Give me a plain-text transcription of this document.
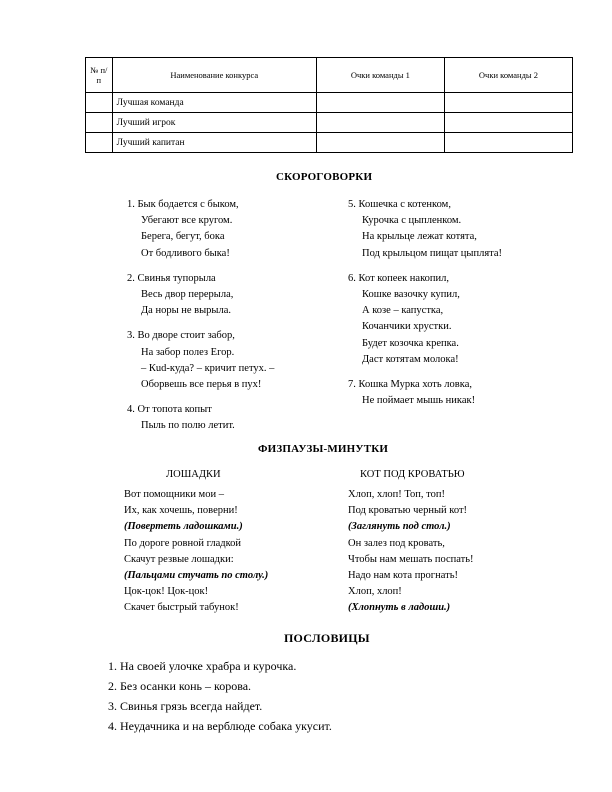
№ п/п	Наименование конкурса	Очки команды 1	Очки команды 2
	Лучшая команда		
	Лучший игрок		
	Лучший капитан		
СКОРОГОВОРКИ
1. Бык бодается с быком,
Убегают все кругом.
Берега, бегут, бока
От бодливого быка!
2. Свинья тупорыла
Весь двор перерыла,
Да норы не вырыла.
3. Во дворе стоит забор,
На забор полез Егор.
– Кud-куда? – кричит петух. –
Оборвешь все перья в пух!
4. От топота копыт
Пыль по полю летит.
5. Кошечка с котенком,
Курочка с цыпленком.
На крыльце лежат котята,
Под крыльцом пищат цыплята!
6. Кот копеек накопил,
Кошке вазочку купил,
А козе – капустка,
Кочанчики хрустки.
Будет козочка крепка.
Даст котятам молока!
7. Кошка Мурка хоть ловка,
Не поймает мышь никак!
ФИЗПАУЗЫ-МИНУТКИ
ЛОШАДКИ	КОТ ПОД КРОВАТЬЮ
Вот помощники мои –
Их, как хочешь, поверни!
(Повертеть ладошками.)
По дороге ровной гладкой
Скачут резвые лошадки:
(Пальцами стучать по столу.)
Цок-цок! Цок-цок!
Скачет быстрый табунок!
Хлоп, хлоп! Топ, топ!
Под кроватью черный кот!
(Заглянуть под стол.)
Он залез под кровать,
Чтобы нам мешать поспать!
Надо нам кота прогнать!
Хлоп, хлоп!
(Хлопнуть в ладоши.)
ПОСЛОВИЦЫ
1. На своей улочке храбра и курочка.
2. Без осанки конь – корова.
3. Свинья грязь всегда найдет.
4. Неудачника и на верблюде собака укусит.
